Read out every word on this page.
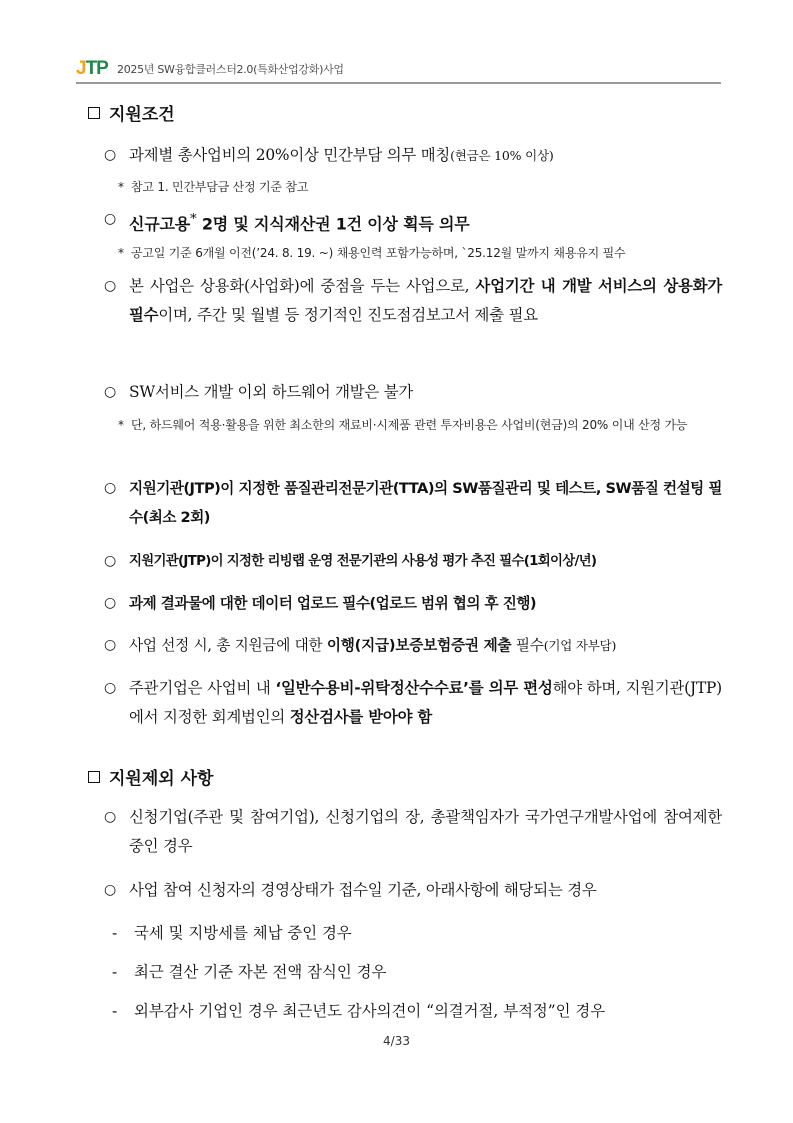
JTP 2025년 SW융합클러스터2.0(특화산업강화)사업
지원조건
○ 과제별 총사업비의 20%이상 민간부담 의무 매칭(현금은 10% 이상)
* 참고 1. 민간부담금 산정 기준 참고
○ 신규고용* 2명 및 지식재산권 1건 이상 획득 의무
* 공고일 기준 6개월 이전(’24. 8. 19. ~) 채용인력 포함가능하며, `25.12월 말까지 채용유지 필수
○ 본 사업은 상용화(사업화)에 중점을 두는 사업으로, 사업기간 내 개발 서비스의 상용화가 필수이며, 주간 및 월별 등 정기적인 진도점검보고서 제출 필요
○ SW서비스 개발 이외 하드웨어 개발은 불가
* 단, 하드웨어 적용·활용을 위한 최소한의 재료비·시제품 관련 투자비용은 사업비(현금)의 20% 이내 산정 가능
○ 지원기관(JTP)이 지정한 품질관리전문기관(TTA)의 SW품질관리 및 테스트, SW품질 컨설팅 필수(최소 2회)
○ 지원기관(JTP)이 지정한 리빙랩 운영 전문기관의 사용성 평가 추진 필수(1회이상/년)
○ 과제 결과물에 대한 데이터 업로드 필수(업로드 범위 협의 후 진행)
○ 사업 선정 시, 총 지원금에 대한 이행(지급)보증보험증권 제출 필수(기업 자부담)
○ 주관기업은 사업비 내 ‘일반수용비-위탁정산수수료’를 의무 편성해야 하며, 지원기관(JTP)에서 지정한 회계법인의 정산검사를 받아야 함
지원제외 사항
○ 신청기업(주관 및 참여기업), 신청기업의 장, 총괄책임자가 국가연구개발사업에 참여제한 중인 경우
○ 사업 참여 신청자의 경영상태가 접수일 기준, 아래사항에 해당되는 경우
- 국세 및 지방세를 체납 중인 경우
- 최근 결산 기준 자본 전액 잠식인 경우
- 외부감사 기업인 경우 최근년도 감사의견이 “의결거절, 부적정”인 경우
4/33
